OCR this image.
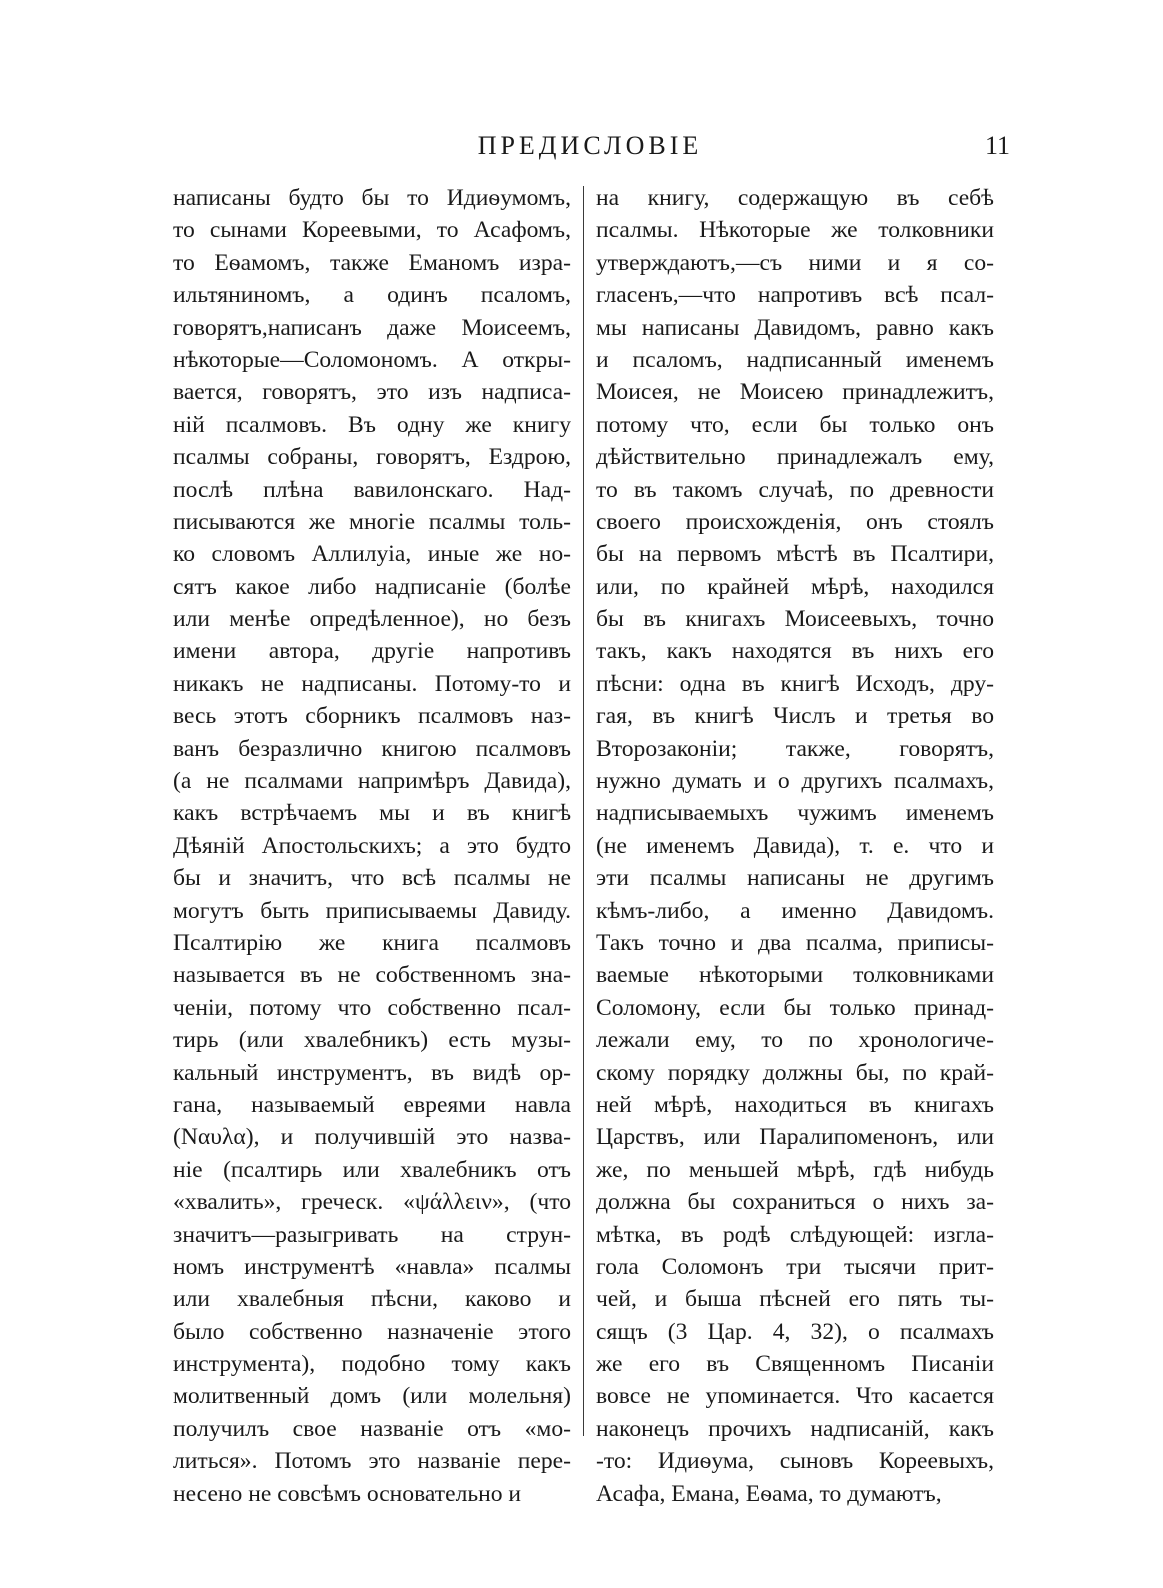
ПРЕДИСЛОВІЕ	11
написаны будто бы то Идиѳумомъ,
то сынами Кореевыми, то Асафомъ,
то Еѳамомъ, также Еманомъ изра-
ильтяниномъ, а одинъ псаломъ,
говорятъ,написанъ даже Моисеемъ,
нѣкоторые—Соломономъ. А откры-
вается, говорятъ, это изъ надписа-
ній псалмовъ. Въ одну же книгу
псалмы собраны, говорятъ, Ездрою,
послѣ плѣна вавилонскаго. Над-
писываются же многіе псалмы толь-
ко словомъ Аллилуіа, иные же но-
сятъ какое либо надписаніе (болѣе
или менѣе опредѣленное), но безъ
имени автора, другіе напротивъ
никакъ не надписаны. Потому-то и
весь этотъ сборникъ псалмовъ наз-
ванъ безразлично книгою псалмовъ
(а не псалмами напримѣръ Давида),
какъ встрѣчаемъ мы и въ книгѣ
Дѣяній Апостольскихъ; а это будто
бы и значитъ, что всѣ псалмы не
могутъ быть приписываемы Давиду.
Псалтирію же книга псалмовъ
называется въ не собственномъ зна-
ченіи, потому что собственно псал-
тирь (или хвалебникъ) есть музы-
кальный инструментъ, въ видѣ ор-
гана, называемый евреями навла
(Ναυλα), и получившій это назва-
ніе (псалтирь или хвалебникъ отъ
«хвалить», греческ. «ψάλλειν», (что
значитъ—разыгривать на струн-
номъ инструментѣ «навла» псалмы
или хвалебныя пѣсни, каково и
было собственно назначеніе этого
инструмента), подобно тому какъ
молитвенный домъ (или молельня)
получилъ свое названіе отъ «мо-
литься». Потомъ это названіе пере-
несено не совсѣмъ основательно и
на книгу, содержащую въ себѣ
псалмы. Нѣкоторые же толковники
утверждаютъ,—съ ними и я со-
гласенъ,—что напротивъ всѣ псал-
мы написаны Давидомъ, равно какъ
и псаломъ, надписанный именемъ
Моисея, не Моисею принадлежитъ,
потому что, если бы только онъ
дѣйствительно принадлежалъ ему,
то въ такомъ случаѣ, по древности
своего происхожденія, онъ стоялъ
бы на первомъ мѣстѣ въ Псалтири,
или, по крайней мѣрѣ, находился
бы въ книгахъ Моисеевыхъ, точно
такъ, какъ находятся въ нихъ его
пѣсни: одна въ книгѣ Исходъ, дру-
гая, въ книгѣ Числъ и третья во
Второзаконіи; также, говорятъ,
нужно думать и о другихъ псалмахъ,
надписываемыхъ чужимъ именемъ
(не именемъ Давида), т. е. что и
эти псалмы написаны не другимъ
кѣмъ-либо, а именно Давидомъ.
Такъ точно и два псалма, приписы-
ваемые нѣкоторыми толковниками
Соломону, если бы только принад-
лежали ему, то по хронологиче-
скому порядку должны бы, по край-
ней мѣрѣ, находиться въ книгахъ
Царствъ, или Паралипоменонъ, или
же, по меньшей мѣрѣ, гдѣ нибудь
должна бы сохраниться о нихъ за-
мѣтка, въ родѣ слѣдующей: изгла-
гола Соломонъ три тысячи прит-
чей, и быша пѣсней его пять ты-
сящъ (3 Цар. 4, 32), о псалмахъ
же его въ Священномъ Писаніи
вовсе не упоминается. Что касается
наконецъ прочихъ надписаній, какъ
-то: Идиѳума, сыновъ Кореевыхъ,
Асафа, Емана, Еѳама, то думаютъ,
